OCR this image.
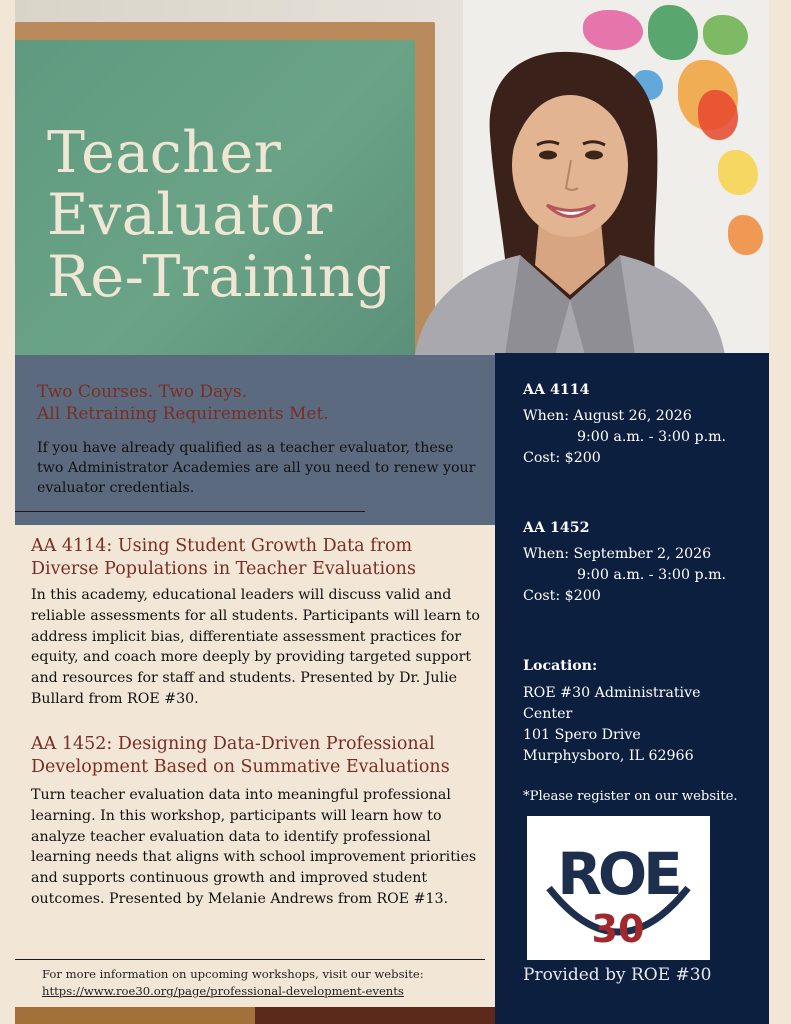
Teacher
Evaluator
Re-Training
Two Courses. Two Days.
All Retraining Requirements Met.

If you have already qualified as a teacher evaluator, these two Administrator Academies are all you need to renew your evaluator credentials.

AA 4114: Using Student Growth Data from Diverse Populations in Teacher Evaluations

In this academy, educational leaders will discuss valid and reliable assessments for all students. Participants will learn to address implicit bias, differentiate assessment practices for equity, and coach more deeply by providing targeted support and resources for staff and students. Presented by Dr. Julie Bullard from ROE #30.

AA 1452: Designing Data-Driven Professional Development Based on Summative Evaluations

Turn teacher evaluation data into meaningful professional learning. In this workshop, participants will learn how to analyze teacher evaluation data to identify professional learning needs that aligns with school improvement priorities and supports continuous growth and improved student outcomes. Presented by Melanie Andrews from ROE #13.

For more information on upcoming workshops, visit our website:
https://www.roe30.org/page/professional-development-events

AA 4114

When: August 26, 2026
9:00 a.m. - 3:00 p.m.
Cost: $200

AA 1452

When: September 2, 2026
9:00 a.m. - 3:00 p.m.
Cost: $200

Location:

ROE #30 Administrative
Center
101 Spero Drive
Murphysboro, IL 62966

*Please register on our website.

ROE
30

Provided by ROE #30
